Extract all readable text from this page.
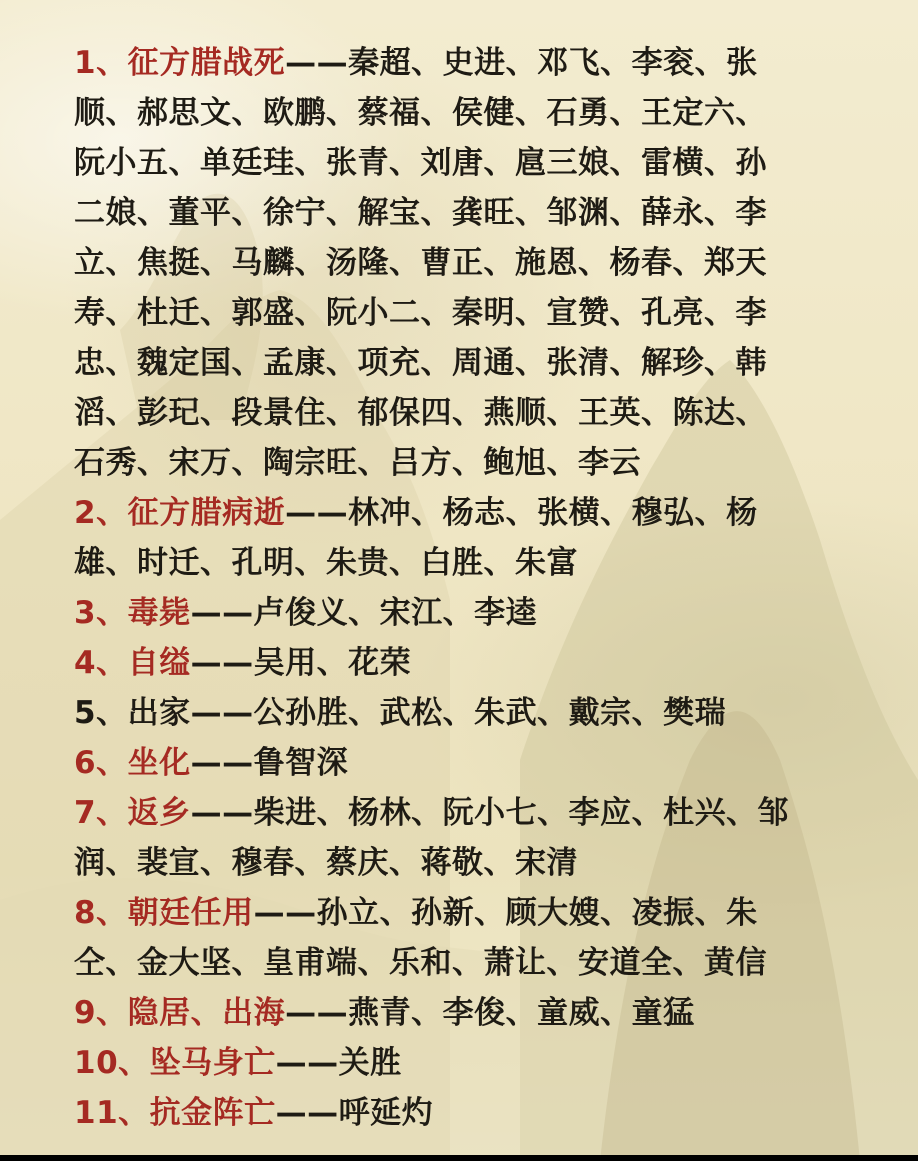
1、征方腊战死——秦超、史进、邓飞、李衮、张
顺、郝思文、欧鹏、蔡福、侯健、石勇、王定六、
阮小五、单廷珪、张青、刘唐、扈三娘、雷横、孙
二娘、董平、徐宁、解宝、龚旺、邹渊、薛永、李
立、焦挺、马麟、汤隆、曹正、施恩、杨春、郑天
寿、杜迁、郭盛、阮小二、秦明、宣赞、孔亮、李
忠、魏定国、孟康、项充、周通、张清、解珍、韩
滔、彭玘、段景住、郁保四、燕顺、王英、陈达、
石秀、宋万、陶宗旺、吕方、鲍旭、李云
2、征方腊病逝——林冲、杨志、张横、穆弘、杨
雄、时迁、孔明、朱贵、白胜、朱富
3、毒毙——卢俊义、宋江、李逵
4、自缢——吴用、花荣
5、出家——公孙胜、武松、朱武、戴宗、樊瑞
6、坐化——鲁智深
7、返乡——柴进、杨林、阮小七、李应、杜兴、邹
润、裴宣、穆春、蔡庆、蒋敬、宋清
8、朝廷任用——孙立、孙新、顾大嫂、凌振、朱
仝、金大坚、皇甫端、乐和、萧让、安道全、黄信
9、隐居、出海——燕青、李俊、童威、童猛
10、坠马身亡——关胜
11、抗金阵亡——呼延灼
